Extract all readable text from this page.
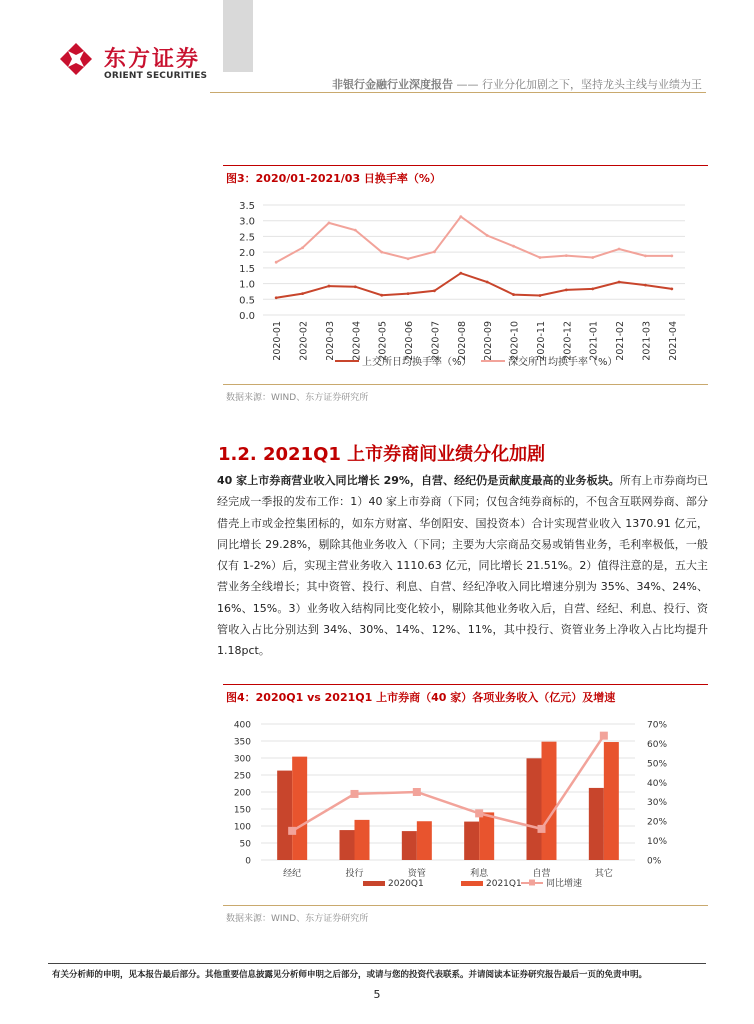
东方证券
ORIENT SECURITIES
非银行金融行业深度报告 —— 行业分化加剧之下，坚持龙头主线与业绩为王
图3：2020/01-2021/03 日换手率（%）
0.0
0.5
1.0
1.5
2.0
2.5
3.0
3.5
2020-01 2020-02 2020-03 2020-04 2020-05 2020-06 2020-07 2020-08 2020-09 2020-10 2020-11 2020-12 2021-01 2021-02 2021-03 2021-04
上交所日均换手率（%）	深交所日均换手率（%）
数据来源：WIND、东方证券研究所
1.2. 2021Q1 上市券商间业绩分化加剧
40 家上市券商营业收入同比增长 29%，自营、经纪仍是贡献度最高的业务板块。所有上市券商均已经完成一季报的发布工作：1）40 家上市券商（下同；仅包含纯券商标的，不包含互联网券商、部分借壳上市或金控集团标的，如东方财富、华创阳安、国投资本）合计实现营业收入 1370.91 亿元，同比增长 29.28%，剔除其他业务收入（下同；主要为大宗商品交易或销售业务，毛利率极低，一般仅有 1-2%）后，实现主营业务收入 1110.63 亿元，同比增长 21.51%。2）值得注意的是，五大主营业务全线增长；其中资管、投行、利息、自营、经纪净收入同比增速分别为 35%、34%、24%、16%、15%。3）业务收入结构同比变化较小，剔除其他业务收入后，自营、经纪、利息、投行、资管收入占比分别达到 34%、30%、14%、12%、11%，其中投行、资管业务上净收入占比均提升 1.18pct。
图4：2020Q1 vs 2021Q1 上市券商（40 家）各项业务收入（亿元）及增速
0
50
100
150
200
250
300
350
400
0%
10%
20%
30%
40%
50%
60%
70%
经纪	投行	资管	利息	自营	其它
2020Q1	2021Q1	同比增速
数据来源：WIND、东方证券研究所
有关分析师的申明，见本报告最后部分。其他重要信息披露见分析师申明之后部分，或请与您的投资代表联系。并请阅读本证券研究报告最后一页的免责申明。
5
